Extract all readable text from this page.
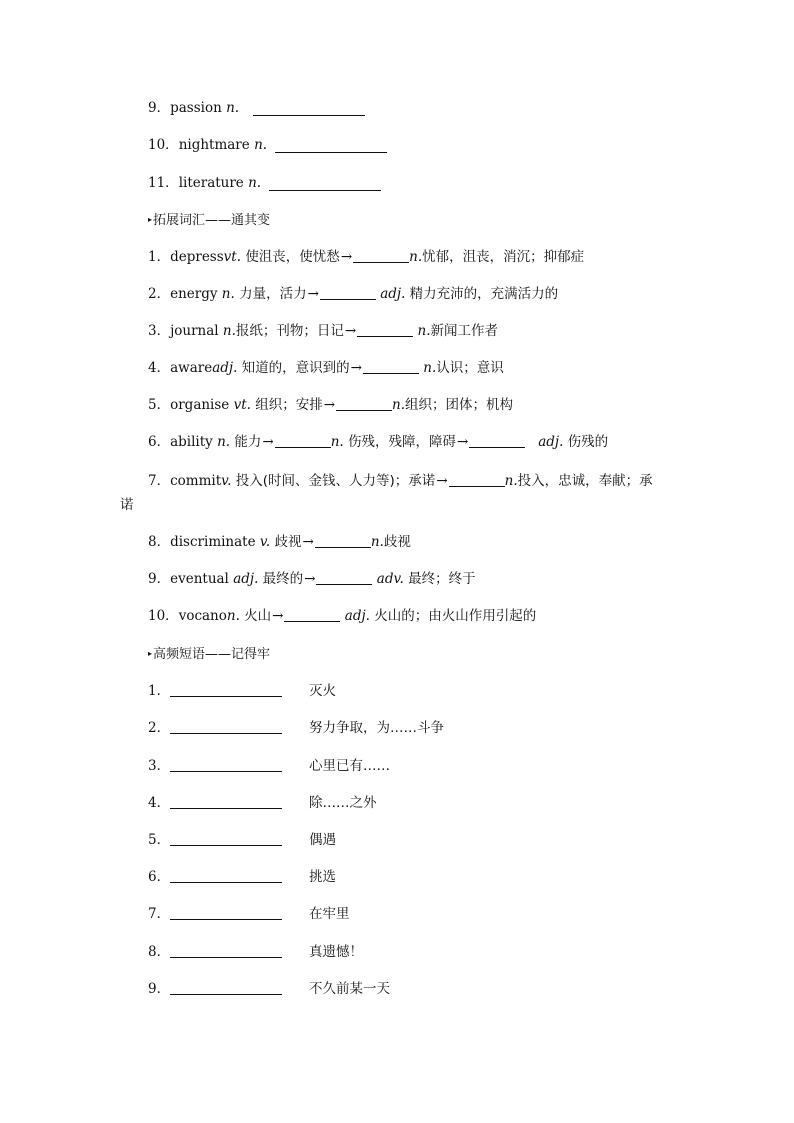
9．passion n.
10．nightmare n.
11．literature n.
▸拓展词汇——通其变
1．depressvt. 使沮丧，使忧愁→	n.忧郁，沮丧，消沉；抑郁症
2．energy n. 力量，活力→	adj. 精力充沛的，充满活力的
3．journal n.报纸；刊物；日记→	n.新闻工作者
4．awareadj. 知道的，意识到的→	n.认识；意识
5．organise vt. 组织；安排→	n.组织；团体；机构
6．ability n. 能力→	n. 伤残，残障，障碍→	adj. 伤残的
7．commitv. 投入(时间、金钱、人力等)；承诺→	n.投入，忠诚，奉献；承
诺
8．discriminate v. 歧视→	n.歧视
9．eventual adj. 最终的→	adv. 最终；终于
10．vocanon. 火山→	adj. 火山的；由火山作用引起的
▸高频短语——记得牢
1．	灭火
2．	努力争取，为……斗争
3．	心里已有……
4．	除……之外
5．	偶遇
6．	挑选
7．	在牢里
8．	真遗憾！
9．	不久前某一天
